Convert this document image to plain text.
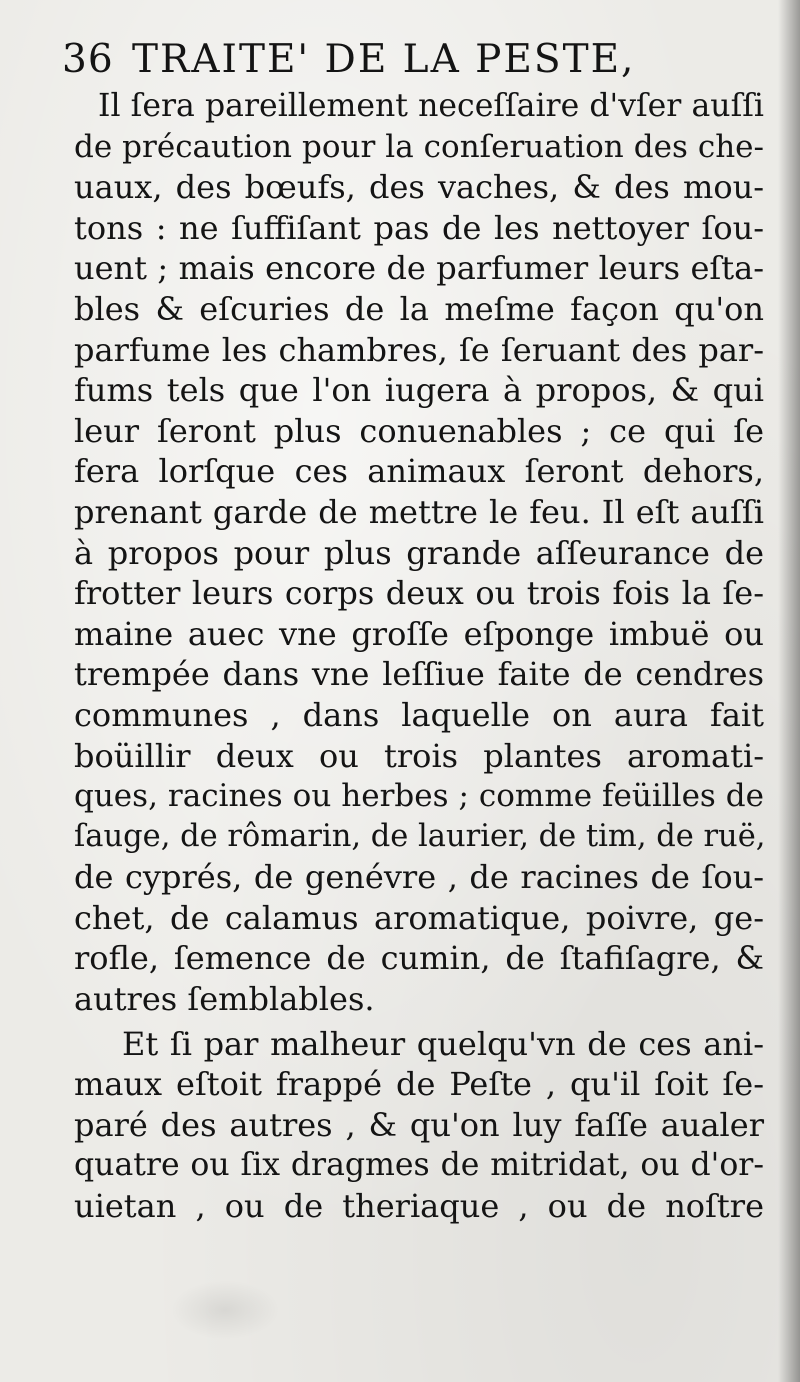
36 TRAITE' DE LA PESTE,
Il ſera pareillement neceſſaire d'vſer auſſi
de précaution pour la conſeruation des che-
uaux, des bœufs, des vaches, & des mou-
tons : ne ſuffiſant pas de les nettoyer ſou-
uent ; mais encore de parfumer leurs eſta-
bles & eſcuries de la meſme façon qu'on
parfume les chambres, ſe ſeruant des par-
fums tels que l'on iugera à propos, & qui
leur ſeront plus conuenables ; ce qui ſe
fera lorſque ces animaux ſeront dehors,
prenant garde de mettre le feu. Il eſt auſſi
à propos pour plus grande aſſeurance de
frotter leurs corps deux ou trois fois la ſe-
maine auec vne groſſe eſponge imbuë ou
trempée dans vne leſſiue faite de cendres
communes , dans laquelle on aura fait
boüillir deux ou trois plantes aromati-
ques, racines ou herbes ; comme feüilles de
ſauge, de rômarin, de laurier, de tim, de ruë,
de cyprés, de genévre , de racines de ſou-
chet, de calamus aromatique, poivre, ge-
rofle, ſemence de cumin, de ſtafiſagre, &
autres ſemblables.
Et ſi par malheur quelqu'vn de ces ani-
maux eſtoit frappé de Peſte , qu'il ſoit ſe-
paré des autres , & qu'on luy faſſe aualer
quatre ou ſix dragmes de mitridat, ou d'or-
uietan , ou de theriaque , ou de noſtre
